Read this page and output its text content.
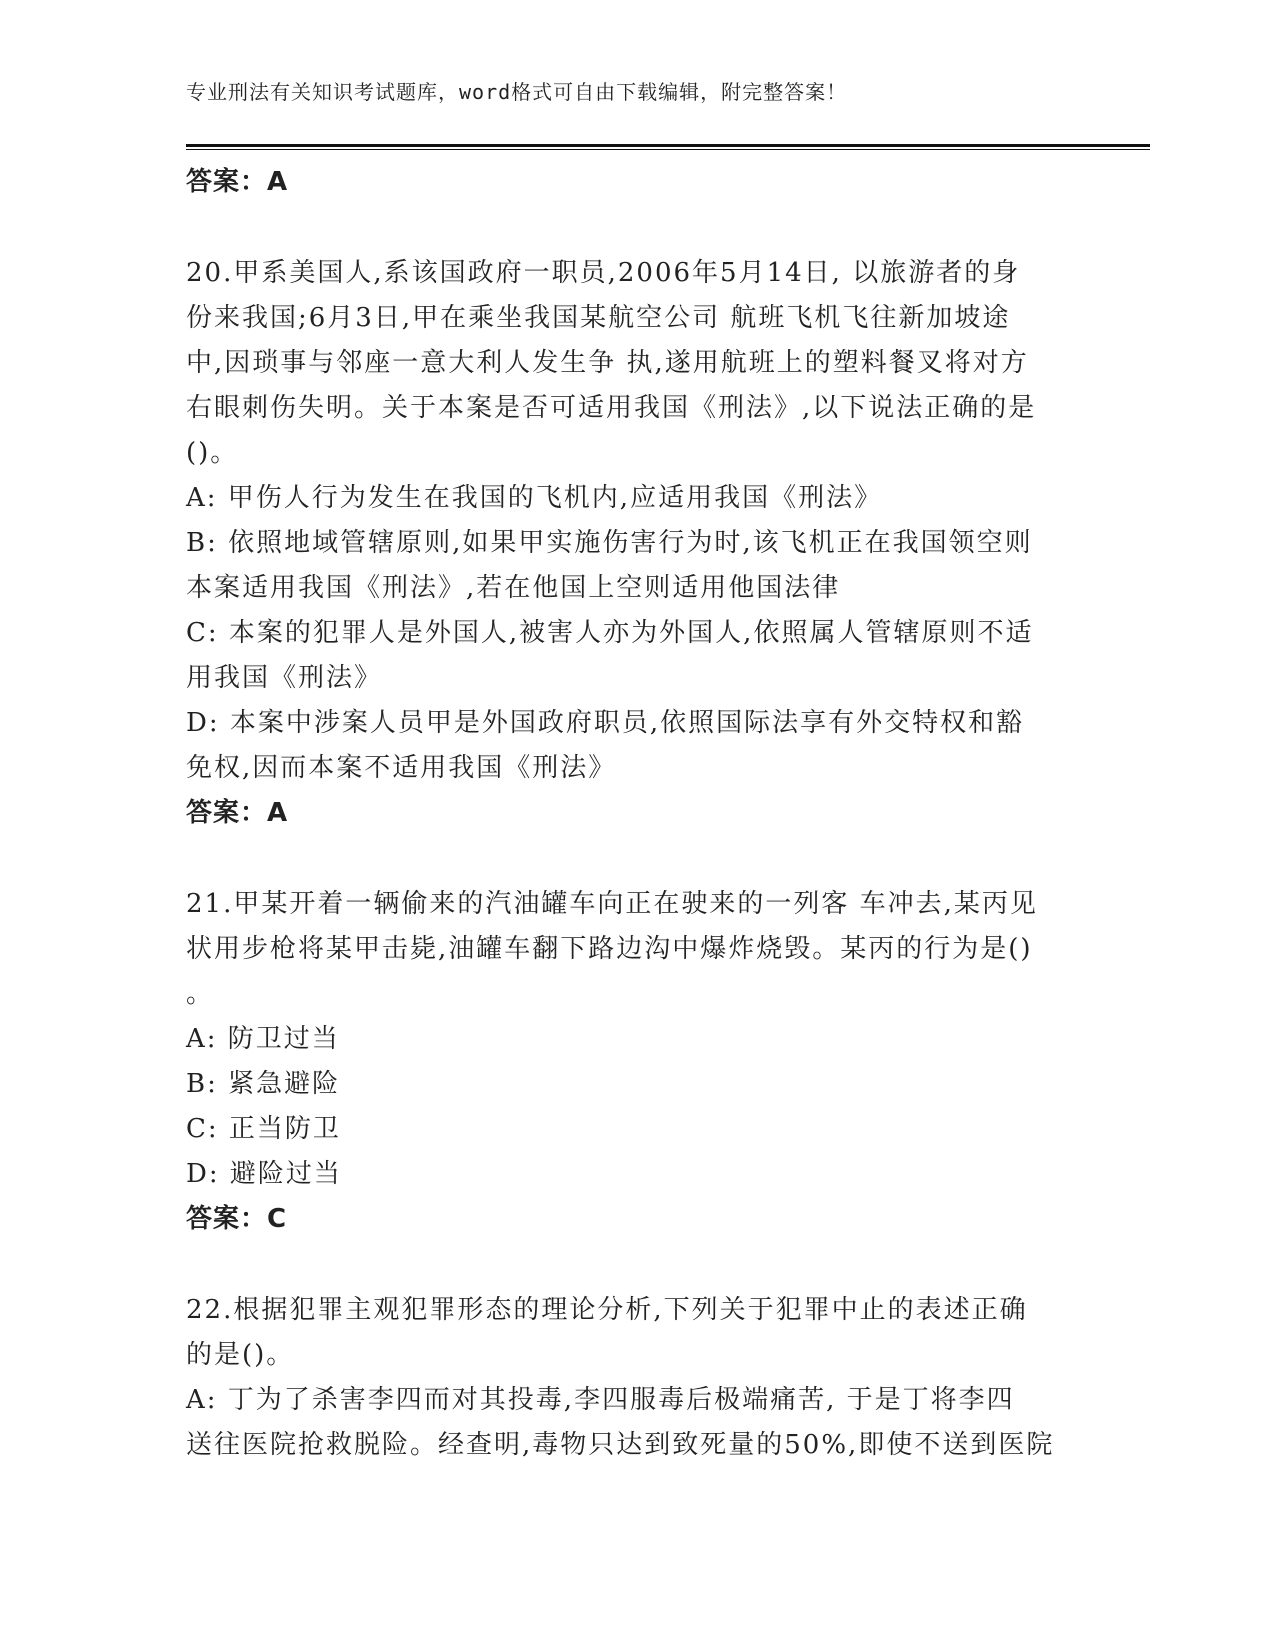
专业刑法有关知识考试题库，word格式可自由下载编辑，附完整答案！
答案：A
20.甲系美国人,系该国政府一职员,2006年5月14日, 以旅游者的身
份来我国;6月3日,甲在乘坐我国某航空公司 航班飞机飞往新加坡途
中,因琐事与邻座一意大利人发生争 执,遂用航班上的塑料餐叉将对方
右眼刺伤失明。关于本案是否可适用我国《刑法》,以下说法正确的是
()。
A: 甲伤人行为发生在我国的飞机内,应适用我国《刑法》
B: 依照地域管辖原则,如果甲实施伤害行为时,该飞机正在我国领空则
本案适用我国《刑法》,若在他国上空则适用他国法律
C: 本案的犯罪人是外国人,被害人亦为外国人,依照属人管辖原则不适
用我国《刑法》
D: 本案中涉案人员甲是外国政府职员,依照国际法享有外交特权和豁
免权,因而本案不适用我国《刑法》
答案：A
21.甲某开着一辆偷来的汽油罐车向正在驶来的一列客 车冲去,某丙见
状用步枪将某甲击毙,油罐车翻下路边沟中爆炸烧毁。某丙的行为是()
。
A: 防卫过当
B: 紧急避险
C: 正当防卫
D: 避险过当
答案：C
22.根据犯罪主观犯罪形态的理论分析,下列关于犯罪中止的表述正确
的是()。
A: 丁为了杀害李四而对其投毒,李四服毒后极端痛苦, 于是丁将李四
送往医院抢救脱险。经查明,毒物只达到致死量的50%,即使不送到医院
